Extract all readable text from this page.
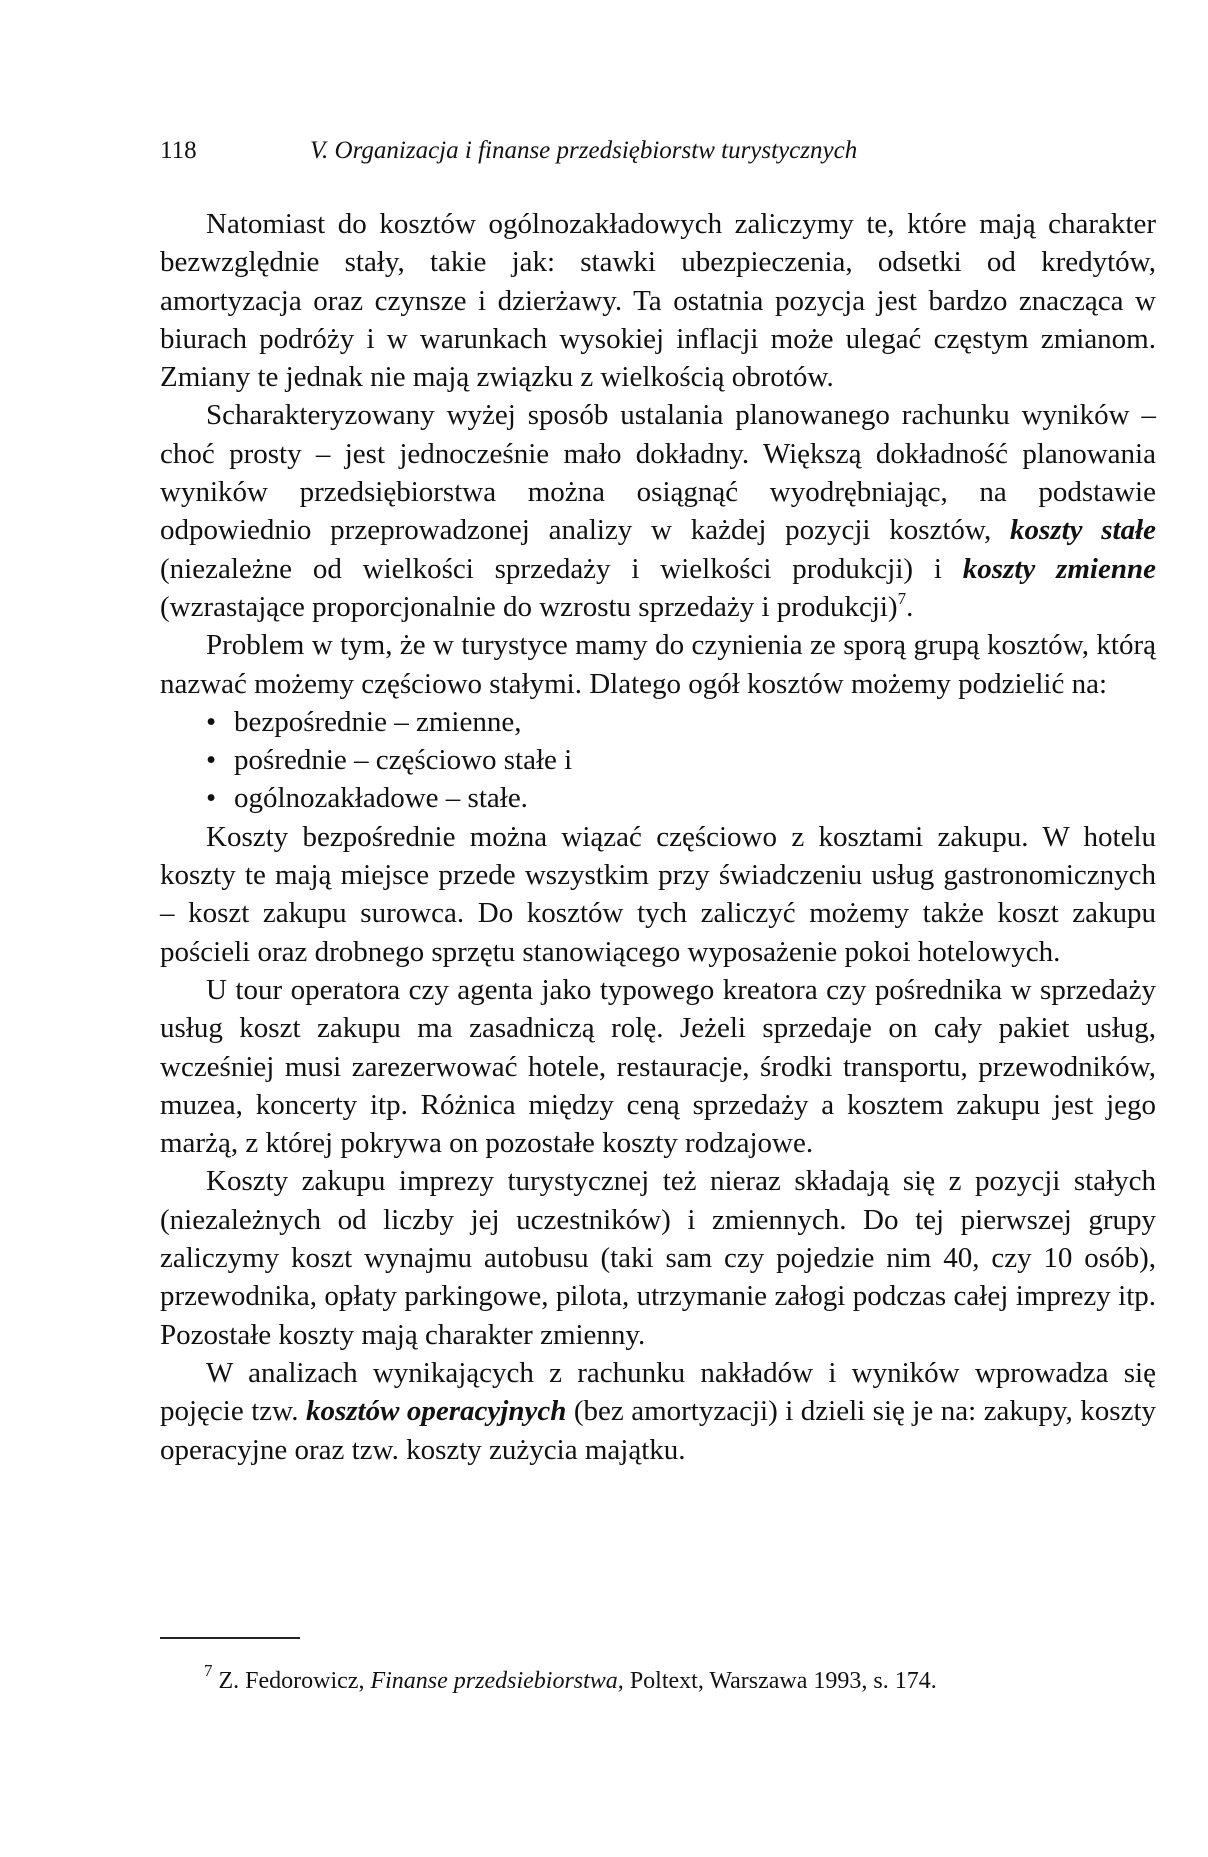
118	V. Organizacja i finanse przedsiębiorstw turystycznych

Natomiast do kosztów ogólnozakładowych zaliczymy te, które mają charakter bezwzględnie stały, takie jak: stawki ubezpieczenia, odsetki od kredytów, amortyzacja oraz czynsze i dzierżawy. Ta ostatnia pozycja jest bardzo znacząca w biurach podróży i w warunkach wysokiej inflacji może ulegać częstym zmianom. Zmiany te jednak nie mają związku z wielkością obrotów.

Scharakteryzowany wyżej sposób ustalania planowanego rachunku wyników – choć prosty – jest jednocześnie mało dokładny. Większą dokładność planowania wyników przedsiębiorstwa można osiągnąć wyodrębniając, na podstawie odpowiednio przeprowadzonej analizy w każdej pozycji kosztów, koszty stałe (niezależne od wielkości sprzedaży i wielkości produkcji) i koszty zmienne (wzrastające proporcjonalnie do wzrostu sprzedaży i produkcji)$^7$.

Problem w tym, że w turystyce mamy do czynienia ze sporą grupą kosztów, którą nazwać możemy częściowo stałymi. Dlatego ogół kosztów możemy podzielić na:

• bezpośrednie – zmienne,
• pośrednie – częściowo stałe i
• ogólnozakładowe – stałe.

Koszty bezpośrednie można wiązać częściowo z kosztami zakupu. W hotelu koszty te mają miejsce przede wszystkim przy świadczeniu usług gastronomicznych – koszt zakupu surowca. Do kosztów tych zaliczyć możemy także koszt zakupu pościeli oraz drobnego sprzętu stanowiącego wyposażenie pokoi hotelowych.

U tour operatora czy agenta jako typowego kreatora czy pośrednika w sprzedaży usług koszt zakupu ma zasadniczą rolę. Jeżeli sprzedaje on cały pakiet usług, wcześniej musi zarezerwować hotele, restauracje, środki transportu, przewodników, muzea, koncerty itp. Różnica między ceną sprzedaży a kosztem zakupu jest jego marżą, z której pokrywa on pozostałe koszty rodzajowe.

Koszty zakupu imprezy turystycznej też nieraz składają się z pozycji stałych (niezależnych od liczby jej uczestników) i zmiennych. Do tej pierwszej grupy zaliczymy koszt wynajmu autobusu (taki sam czy pojedzie nim 40, czy 10 osób), przewodnika, opłaty parkingowe, pilota, utrzymanie załogi podczas całej imprezy itp. Pozostałe koszty mają charakter zmienny.

W analizach wynikających z rachunku nakładów i wyników wprowadza się pojęcie tzw. kosztów operacyjnych (bez amortyzacji) i dzieli się je na: zakupy, koszty operacyjne oraz tzw. koszty zużycia majątku.

$^7$ Z. Fedorowicz, Finanse przedsiebiorstwa, Poltext, Warszawa 1993, s. 174.
